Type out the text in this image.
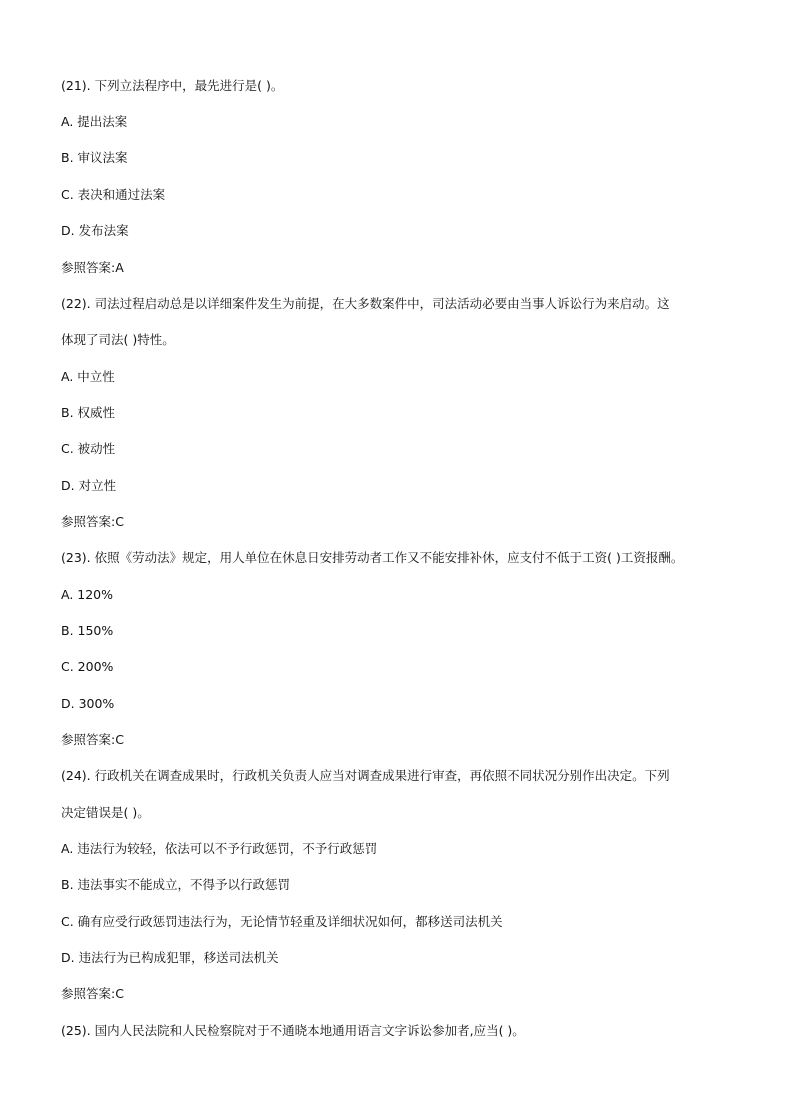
(21). 下列立法程序中，最先进行是( )。
A. 提出法案
B. 审议法案
C. 表决和通过法案
D. 发布法案
参照答案:A
(22). 司法过程启动总是以详细案件发生为前提，在大多数案件中，司法活动必要由当事人诉讼行为来启动。这
体现了司法( )特性。
A. 中立性
B. 权威性
C. 被动性
D. 对立性
参照答案:C
(23). 依照《劳动法》规定，用人单位在休息日安排劳动者工作又不能安排补休，应支付不低于工资( )工资报酬。
A. 120%
B. 150%
C. 200%
D. 300%
参照答案:C
(24). 行政机关在调查成果时，行政机关负责人应当对调查成果进行审查，再依照不同状况分别作出决定。下列
决定错误是( )。
A. 违法行为较轻，依法可以不予行政惩罚，不予行政惩罚
B. 违法事实不能成立，不得予以行政惩罚
C. 确有应受行政惩罚违法行为，无论情节轻重及详细状况如何，都移送司法机关
D. 违法行为已构成犯罪，移送司法机关
参照答案:C
(25). 国内人民法院和人民检察院对于不通晓本地通用语言文字诉讼参加者,应当( )。
